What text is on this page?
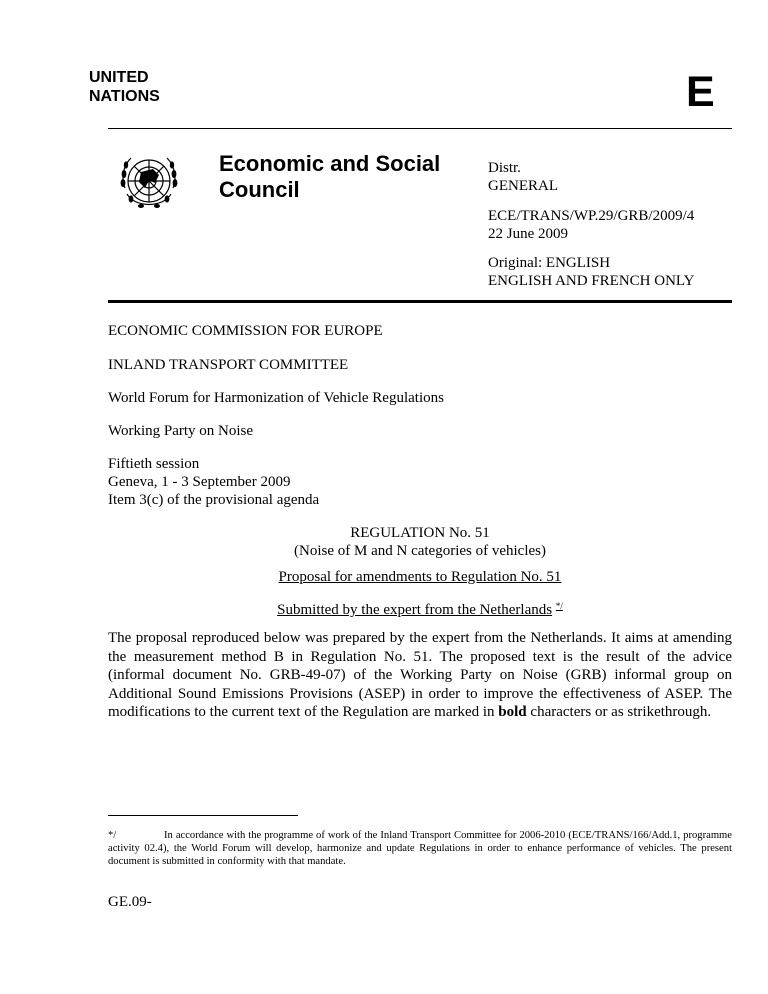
UNITED
NATIONS	E
Economic and Social
Council
Distr.
GENERAL
ECE/TRANS/WP.29/GRB/2009/4
22 June 2009
Original: ENGLISH
ENGLISH AND FRENCH ONLY
ECONOMIC COMMISSION FOR EUROPE
INLAND TRANSPORT COMMITTEE
World Forum for Harmonization of Vehicle Regulations
Working Party on Noise
Fiftieth session
Geneva, 1 - 3 September 2009
Item 3(c) of the provisional agenda
REGULATION No. 51
(Noise of M and N categories of vehicles)
Proposal for amendments to Regulation No. 51
Submitted by the expert from the Netherlands */
The proposal reproduced below was prepared by the expert from the Netherlands. It aims at amending the measurement method B in Regulation No. 51. The proposed text is the result of the advice (informal document No. GRB-49-07) of the Working Party on Noise (GRB) informal group on Additional Sound Emissions Provisions (ASEP) in order to improve the effectiveness of ASEP. The modifications to the current text of the Regulation are marked in bold characters or as strikethrough.
*/	In accordance with the programme of work of the Inland Transport Committee for 2006-2010 (ECE/TRANS/166/Add.1, programme activity 02.4), the World Forum will develop, harmonize and update Regulations in order to enhance performance of vehicles. The present document is submitted in conformity with that mandate.
GE.09-
